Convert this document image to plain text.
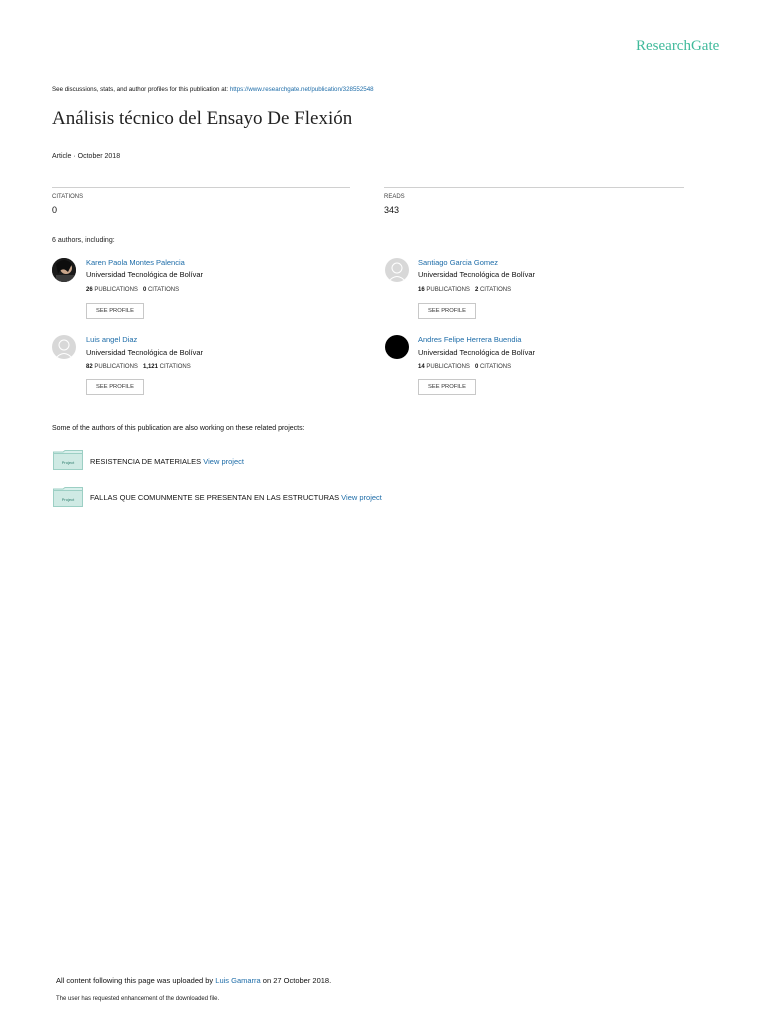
ResearchGate
See discussions, stats, and author profiles for this publication at: https://www.researchgate.net/publication/328552548
Análisis técnico del Ensayo De Flexión
Article · October 2018
CITATIONS
0
READS
343
6 authors, including:
Karen Paola Montes Palencia
Universidad Tecnológica de Bolívar
26 PUBLICATIONS 0 CITATIONS
SEE PROFILE
Santiago Garcia Gomez
Universidad Tecnológica de Bolívar
16 PUBLICATIONS 2 CITATIONS
SEE PROFILE
Luis angel Diaz
Universidad Tecnológica de Bolívar
82 PUBLICATIONS 1,121 CITATIONS
SEE PROFILE
Andres Felipe Herrera Buendia
Universidad Tecnológica de Bolívar
14 PUBLICATIONS 0 CITATIONS
SEE PROFILE
Some of the authors of this publication are also working on these related projects:
Project RESISTENCIA DE MATERIALES View project
Project FALLAS QUE COMUNMENTE SE PRESENTAN EN LAS ESTRUCTURAS View project
All content following this page was uploaded by Luis Gamarra on 27 October 2018.
The user has requested enhancement of the downloaded file.
